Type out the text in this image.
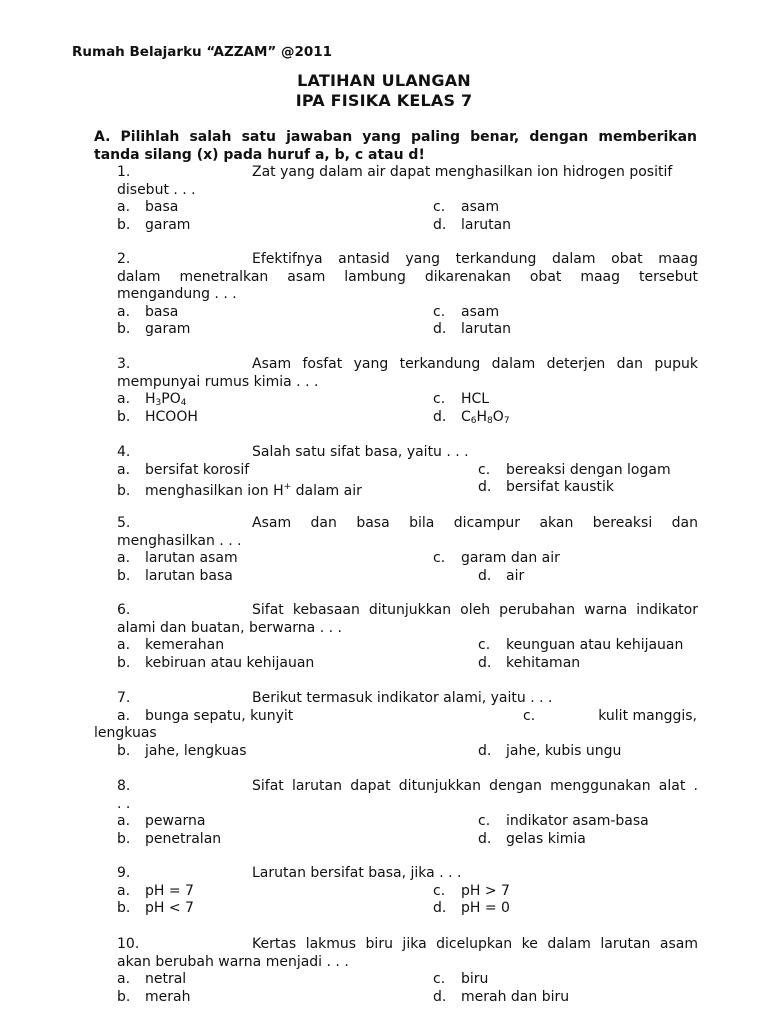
Rumah Belajarku “AZZAM” @2011
LATIHAN ULANGAN
IPA FISIKA KELAS 7
A. Pilihlah salah satu jawaban yang paling benar, dengan memberikan tanda silang (x) pada huruf a, b, c atau d!
1.	Zat yang dalam air dapat menghasilkan ion hidrogen positif
disebut . . .
a. basa	c. asam
b. garam	d. larutan
2.	Efektifnya antasid yang terkandung dalam obat maag
dalam menetralkan asam lambung dikarenakan obat maag tersebut
mengandung . . .
a. basa	c. asam
b. garam	d. larutan
3.	Asam fosfat yang terkandung dalam deterjen dan pupuk
mempunyai rumus kimia . . .
a. $H_3PO_4$	c. HCL
b. HCOOH	d. $C_6H_8O_7$
4.	Salah satu sifat basa, yaitu . . .
a. bersifat korosif	c. bereaksi dengan logam
b. menghasilkan ion H+ dalam air	d. bersifat kaustik
5.	Asam dan basa bila dicampur akan bereaksi dan
menghasilkan . . .
a. larutan asam	c. garam dan air
b. larutan basa	d. air
6.	Sifat kebasaan ditunjukkan oleh perubahan warna indikator
alami dan buatan, berwarna . . .
a. kemerahan	c. keunguan atau kehijauan
b. kebiruan atau kehijauan	d. kehitaman
7.	Berikut termasuk indikator alami, yaitu . . .
a. bunga sepatu, kunyit	c.	kulit manggis,
lengkuas
b. jahe, lengkuas	d. jahe, kubis ungu
8.	Sifat larutan dapat ditunjukkan dengan menggunakan alat .
. .
a. pewarna	c. indikator asam-basa
b. penetralan	d. gelas kimia
9.	Larutan bersifat basa, jika . . .
a. pH = 7	c. pH > 7
b. pH < 7	d. pH = 0
10.	Kertas lakmus biru jika dicelupkan ke dalam larutan asam
akan berubah warna menjadi . . .
a. netral	c. biru
b. merah	d. merah dan biru
